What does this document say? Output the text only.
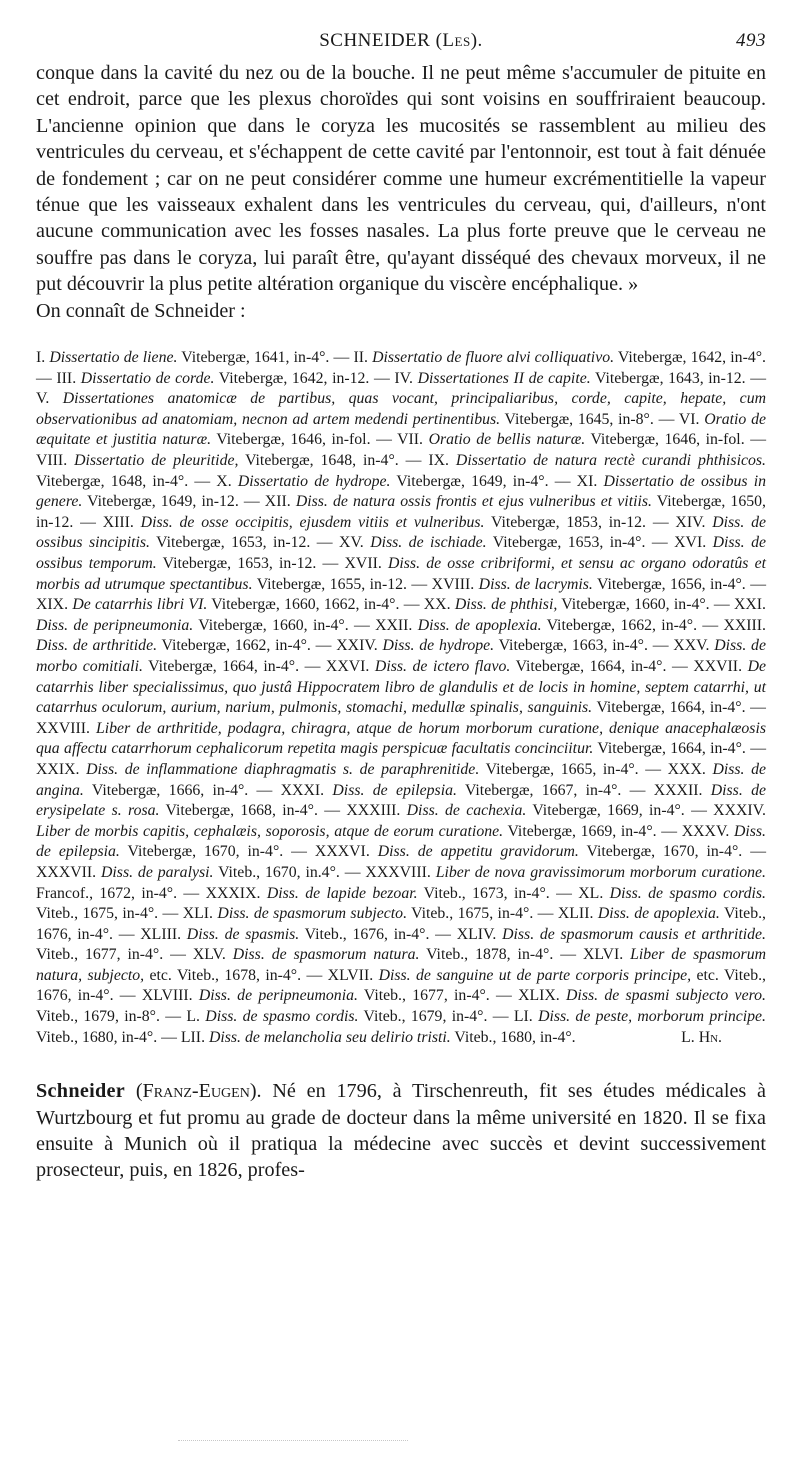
SCHNEIDER (Les).	493

conque dans la cavité du nez ou de la bouche. Il ne peut même s'accumuler de pituite en cet endroit, parce que les plexus choroïdes qui sont voisins en souffriraient beaucoup. L'ancienne opinion que dans le coryza les mucosités se rassemblent au milieu des ventricules du cerveau, et s'échappent de cette cavité par l'entonnoir, est tout à fait dénuée de fondement ; car on ne peut considérer comme une humeur excrémentitielle la vapeur ténue que les vaisseaux exhalent dans les ventricules du cerveau, qui, d'ailleurs, n'ont aucune communication avec les fosses nasales. La plus forte preuve que le cerveau ne souffre pas dans le coryza, lui paraît être, qu'ayant disséqué des chevaux morveux, il ne put découvrir la plus petite altération organique du viscère encéphalique. »

On connaît de Schneider :

I. Dissertatio de liene. Vitebergæ, 1641, in-4°. — II. Dissertatio de fluore alvi colliquativo. Vitebergæ, 1642, in-4°. — III. Dissertatio de corde. Vitebergæ, 1642, in-12. — IV. Dissertationes II de capite. Vitebergæ, 1643, in-12. — V. Dissertationes anatomicæ de partibus, quas vocant, principaliaribus, corde, capite, hepate, cum observationibus ad anatomiam, necnon ad artem medendi pertinentibus. Vitebergæ, 1645, in-8°. — VI. Oratio de æquitate et justitia naturæ. Vitebergæ, 1646, in-fol. — VII. Oratio de bellis naturæ. Vitebergæ, 1646, in-fol. — VIII. Dissertatio de pleuritide, Vitebergæ, 1648, in-4°. — IX. Dissertatio de natura rectè curandi phthisicos. Vitebergæ, 1648, in-4°. — X. Dissertatio de hydrope. Vitebergæ, 1649, in-4°. — XI. Dissertatio de ossibus in genere. Vitebergæ, 1649, in-12. — XII. Diss. de natura ossis frontis et ejus vulneribus et vitiis. Vitebergæ, 1650, in-12. — XIII. Diss. de osse occipitis, ejusdem vitiis et vulneribus. Vitebergæ, 1853, in-12. — XIV. Diss. de ossibus sincipitis. Vitebergæ, 1653, in-12. — XV. Diss. de ischiade. Vitebergæ, 1653, in-4°. — XVI. Diss. de ossibus temporum. Vitebergæ, 1653, in-12. — XVII. Diss. de osse cribriformi, et sensu ac organo odoratûs et morbis ad utrumque spectantibus. Vitebergæ, 1655, in-12. — XVIII. Diss. de lacrymis. Vitebergæ, 1656, in-4°. — XIX. De catarrhis libri VI. Vitebergæ, 1660, 1662, in-4°. — XX. Diss. de phthisi, Vitebergæ, 1660, in-4°. — XXI. Diss. de peripneumonia. Vitebergæ, 1660, in-4°. — XXII. Diss. de apoplexia. Vitebergæ, 1662, in-4°. — XXIII. Diss. de arthritide. Vitebergæ, 1662, in-4°. — XXIV. Diss. de hydrope. Vitebergæ, 1663, in-4°. — XXV. Diss. de morbo comitiali. Vitebergæ, 1664, in-4°. — XXVI. Diss. de ictero flavo. Vitebergæ, 1664, in-4°. — XXVII. De catarrhis liber specialissimus, quo justâ Hippocratem libro de glandulis et de locis in homine, septem catarrhi, ut catarrhus oculorum, aurium, narium, pulmonis, stomachi, medullæ spinalis, sanguinis. Vitebergæ, 1664, in-4°. — XXVIII. Liber de arthritide, podagra, chiragra, atque de horum morborum curatione, denique anacephalæosis qua affectu catarrhorum cephalicorum repetita magis perspicuæ facultatis concinciitur. Vitebergæ, 1664, in-4°. — XXIX. Diss. de inflammatione diaphragmatis s. de paraphrenitide. Vitebergæ, 1665, in-4°. — XXX. Diss. de angina. Vitebergæ, 1666, in-4°. — XXXI. Diss. de epilepsia. Vitebergæ, 1667, in-4°. — XXXII. Diss. de erysipelate s. rosa. Vitebergæ, 1668, in-4°. — XXXIII. Diss. de cachexia. Vitebergæ, 1669, in-4°. — XXXIV. Liber de morbis capitis, cephalæis, soporosis, atque de eorum curatione. Vitebergæ, 1669, in-4°. — XXXV. Diss. de epilepsia. Vitebergæ, 1670, in-4°. — XXXVI. Diss. de appetitu gravidorum. Vitebergæ, 1670, in-4°. — XXXVII. Diss. de paralysi. Viteb., 1670, in.4°. — XXXVIII. Liber de nova gravissimorum morborum curatione. Francof., 1672, in-4°. — XXXIX. Diss. de lapide bezoar. Viteb., 1673, in-4°. — XL. Diss. de spasmo cordis. Viteb., 1675, in-4°. — XLI. Diss. de spasmorum subjecto. Viteb., 1675, in-4°. — XLII. Diss. de apoplexia. Viteb., 1676, in-4°. — XLIII. Diss. de spasmis. Viteb., 1676, in-4°. — XLIV. Diss. de spasmorum causis et arthritide. Viteb., 1677, in-4°. — XLV. Diss. de spasmorum natura. Viteb., 1878, in-4°. — XLVI. Liber de spasmorum natura, subjecto, etc. Viteb., 1678, in-4°. — XLVII. Diss. de sanguine ut de parte corporis principe, etc. Viteb., 1676, in-4°. — XLVIII. Diss. de peripneumonia. Viteb., 1677, in-4°. — XLIX. Diss. de spasmi subjecto vero. Viteb., 1679, in-8°. — L. Diss. de spasmo cordis. Viteb., 1679, in-4°. — LI. Diss. de peste, morborum principe. Viteb., 1680, in-4°. — LII. Diss. de melancholia seu delirio tristi. Viteb., 1680, in-4°.	L. Hn.
Schneider (Franz-Eugen). Né en 1796, à Tirschenreuth, fit ses études médicales à Wurtzbourg et fut promu au grade de docteur dans la même université en 1820. Il se fixa ensuite à Munich où il pratiqua la médecine avec succès et devint successivement prosecteur, puis, en 1826, profes-
